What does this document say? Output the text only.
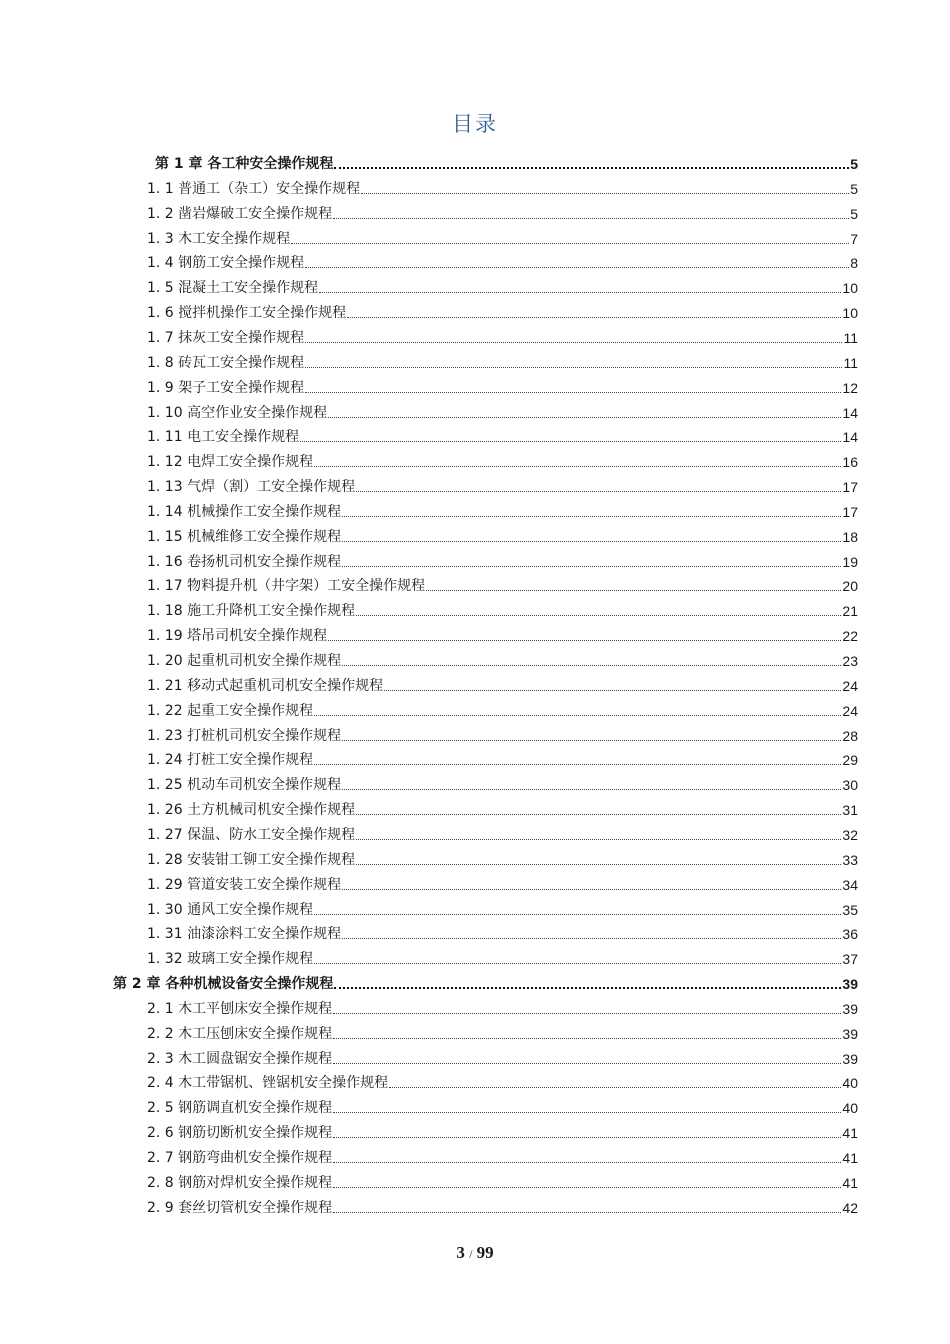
目录
第 1 章 各工种安全操作规程	5
1. 1 普通工（杂工）安全操作规程	5
1. 2 凿岩爆破工安全操作规程	5
1. 3 木工安全操作规程	7
1. 4 钢筋工安全操作规程	8
1. 5 混凝土工安全操作规程	10
1. 6 搅拌机操作工安全操作规程	10
1. 7 抹灰工安全操作规程	11
1. 8 砖瓦工安全操作规程	11
1. 9 架子工安全操作规程	12
1. 10 高空作业安全操作规程	14
1. 11 电工安全操作规程	14
1. 12 电焊工安全操作规程	16
1. 13 气焊（割）工安全操作规程	17
1. 14 机械操作工安全操作规程	17
1. 15 机械维修工安全操作规程	18
1. 16 卷扬机司机安全操作规程	19
1. 17 物料提升机（井字架）工安全操作规程	20
1. 18 施工升降机工安全操作规程	21
1. 19 塔吊司机安全操作规程	22
1. 20 起重机司机安全操作规程	23
1. 21 移动式起重机司机安全操作规程	24
1. 22 起重工安全操作规程	24
1. 23 打桩机司机安全操作规程	28
1. 24 打桩工安全操作规程	29
1. 25 机动车司机安全操作规程	30
1. 26 土方机械司机安全操作规程	31
1. 27 保温、防水工安全操作规程	32
1. 28 安装钳工铆工安全操作规程	33
1. 29 管道安装工安全操作规程	34
1. 30 通风工安全操作规程	35
1. 31 油漆涂料工安全操作规程	36
1. 32 玻璃工安全操作规程	37
第 2 章 各种机械设备安全操作规程	39
2. 1 木工平刨床安全操作规程	39
2. 2 木工压刨床安全操作规程	39
2. 3 木工圆盘锯安全操作规程	39
2. 4 木工带锯机、锉锯机安全操作规程	40
2. 5 钢筋调直机安全操作规程	40
2. 6 钢筋切断机安全操作规程	41
2. 7 钢筋弯曲机安全操作规程	41
2. 8 钢筋对焊机安全操作规程	41
2. 9 套丝切管机安全操作规程	42
3 / 99
